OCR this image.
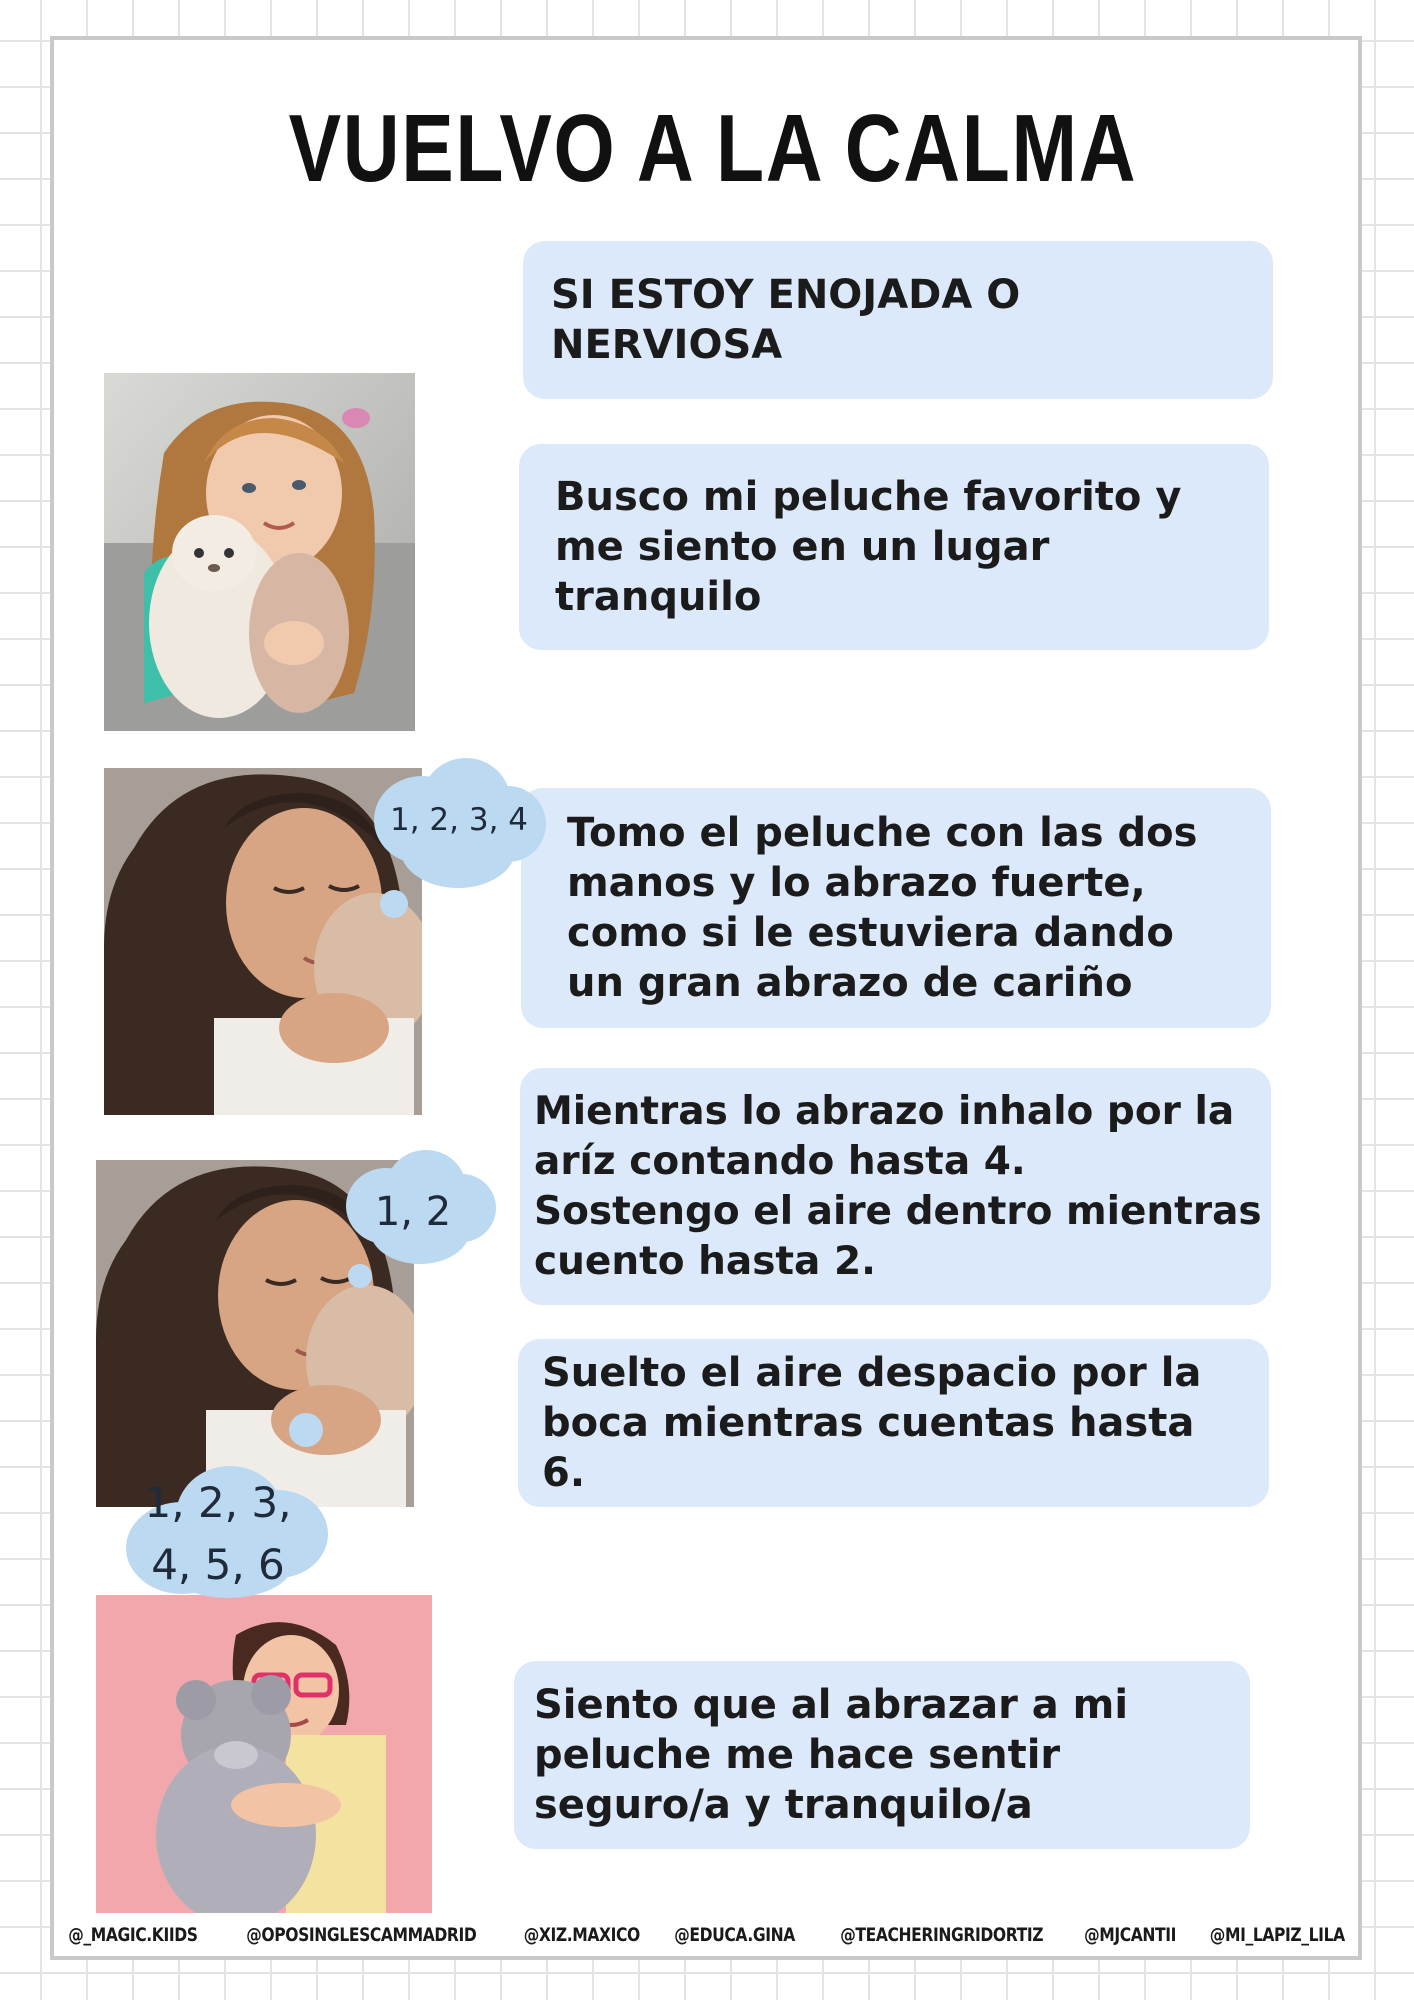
VUELVO A LA CALMA
SI ESTOY ENOJADA O NERVIOSA
Busco mi peluche favorito y
me siento en un lugar
tranquilo
Tomo el peluche con las dos
manos y lo abrazo fuerte,
como si le estuviera dando
un gran abrazo de cariño
Mientras lo abrazo inhalo por la
aríz contando hasta 4.
Sostengo el aire dentro mientras
cuento hasta 2.
Suelto el aire despacio por la
boca mientras cuentas hasta 6.
Siento que al abrazar a mi
peluche me hace sentir
seguro/a y tranquilo/a
1, 2, 3, 4
1, 2
1, 2, 3,
4, 5, 6
@_MAGIC.KIIDS	@OPOSINGLESCAMMADRID @XIZ.MAXICO @EDUCA.GINA @TEACHERINGRIDORTIZ @MJCANTII @MI_LAPIZ_LILA
